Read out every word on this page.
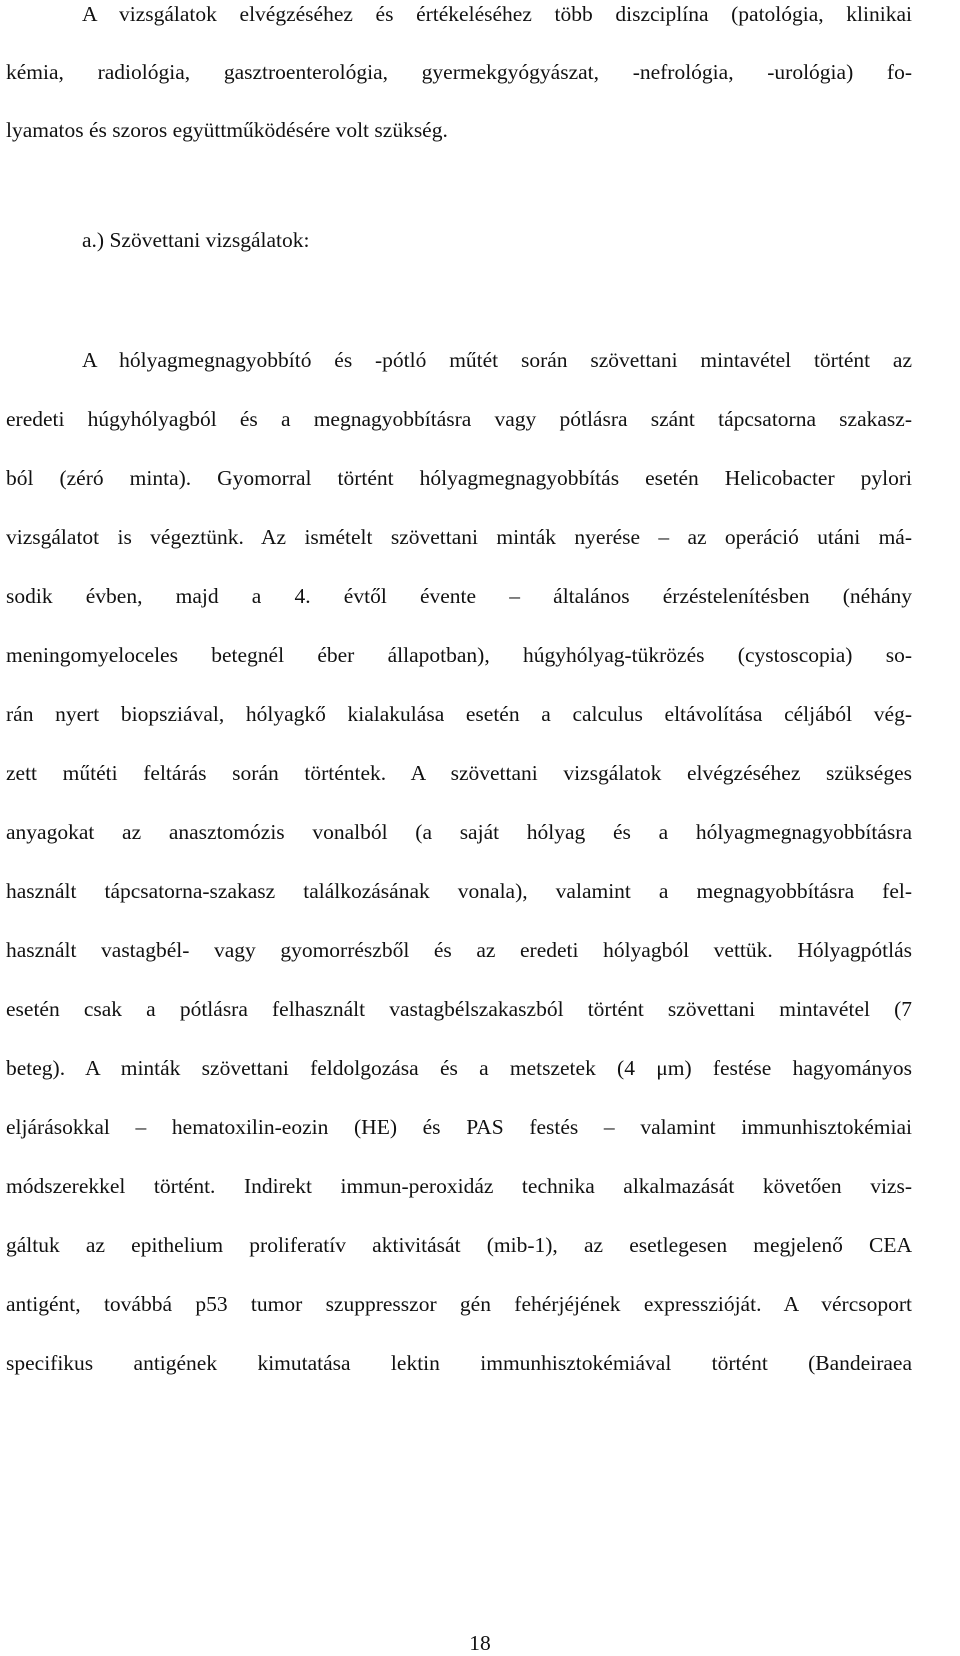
A vizsgálatok elvégzéséhez és értékeléséhez több diszciplína (patológia, klinikai
kémia, radiológia, gasztroenterológia, gyermekgyógyászat, -nefrológia, -urológia) fo-
lyamatos és szoros együttműködésére volt szükség.
a.) Szövettani vizsgálatok:
A hólyagmegnagyobbító és -pótló műtét során szövettani mintavétel történt az
eredeti húgyhólyagból és a megnagyobbításra vagy pótlásra szánt tápcsatorna szakasz-
ból (zéró minta). Gyomorral történt hólyagmegnagyobbítás esetén Helicobacter pylori
vizsgálatot is végeztünk. Az ismételt szövettani minták nyerése – az operáció utáni má-
sodik évben, majd a 4. évtől évente – általános érzéstelenítésben (néhány
meningomyeloceles betegnél éber állapotban), húgyhólyag-tükrözés (cystoscopia) so-
rán nyert biopsziával, hólyagkő kialakulása esetén a calculus eltávolítása céljából vég-
zett műtéti feltárás során történtek. A szövettani vizsgálatok elvégzéséhez szükséges
anyagokat az anasztomózis vonalból (a saját hólyag és a hólyagmegnagyobbításra
használt tápcsatorna-szakasz találkozásának vonala), valamint a megnagyobbításra fel-
használt vastagbél- vagy gyomorrészből és az eredeti hólyagból vettük. Hólyagpótlás
esetén csak a pótlásra felhasznált vastagbélszakaszból történt szövettani mintavétel (7
beteg). A minták szövettani feldolgozása és a metszetek (4 μm) festése hagyományos
eljárásokkal – hematoxilin-eozin (HE) és PAS festés – valamint immunhisztokémiai
módszerekkel történt. Indirekt immun-peroxidáz technika alkalmazását követően vizs-
gáltuk az epithelium proliferatív aktivitását (mib-1), az esetlegesen megjelenő CEA
antigént, továbbá p53 tumor szuppresszor gén fehérjéjének expresszióját. A vércsoport
specifikus antigének kimutatása lektin immunhisztokémiával történt (Bandeiraea
18
